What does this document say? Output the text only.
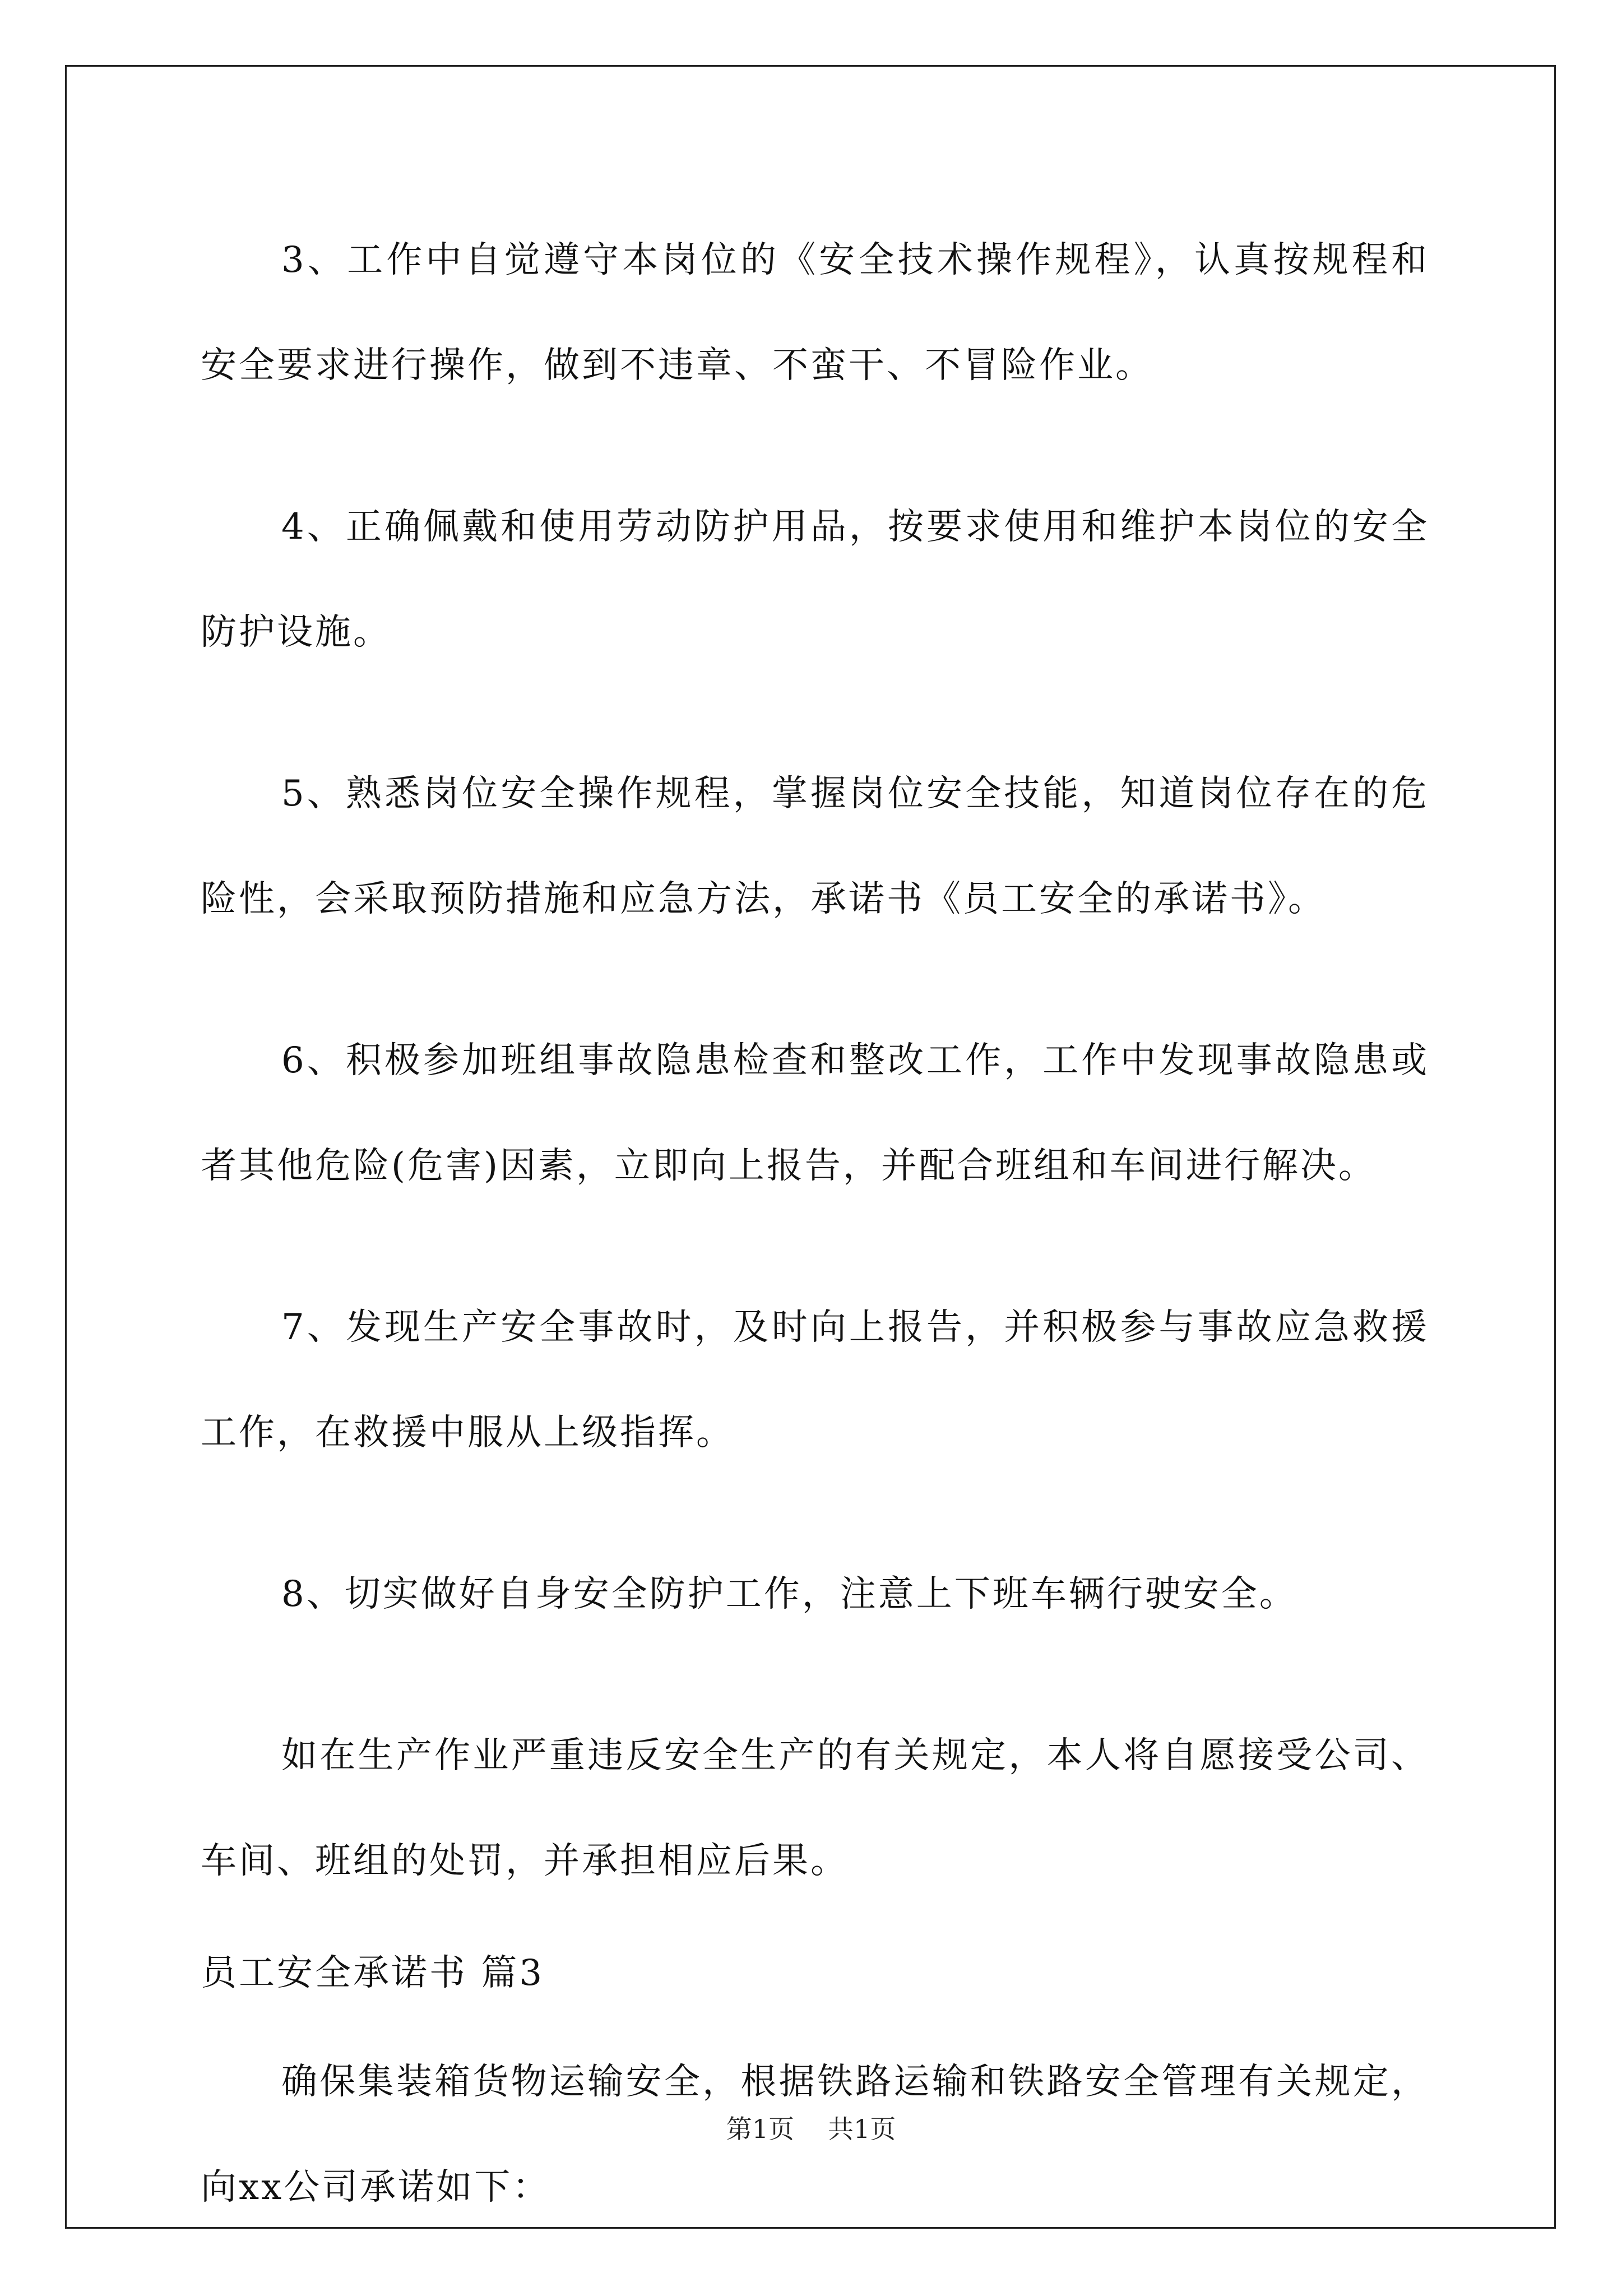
3、工作中自觉遵守本岗位的《安全技术操作规程》，认真按规程和安全要求进行操作，做到不违章、不蛮干、不冒险作业。

4、正确佩戴和使用劳动防护用品，按要求使用和维护本岗位的安全防护设施。

5、熟悉岗位安全操作规程，掌握岗位安全技能，知道岗位存在的危险性，会采取预防措施和应急方法，承诺书《员工安全的承诺书》。

6、积极参加班组事故隐患检查和整改工作，工作中发现事故隐患或者其他危险(危害)因素，立即向上报告，并配合班组和车间进行解决。

7、发现生产安全事故时，及时向上报告，并积极参与事故应急救援工作，在救援中服从上级指挥。

8、切实做好自身安全防护工作，注意上下班车辆行驶安全。

如在生产作业严重违反安全生产的有关规定，本人将自愿接受公司、车间、班组的处罚，并承担相应后果。

员工安全承诺书 篇3

确保集装箱货物运输安全，根据铁路运输和铁路安全管理有关规定，向xx公司承诺如下：

第1页 共1页
